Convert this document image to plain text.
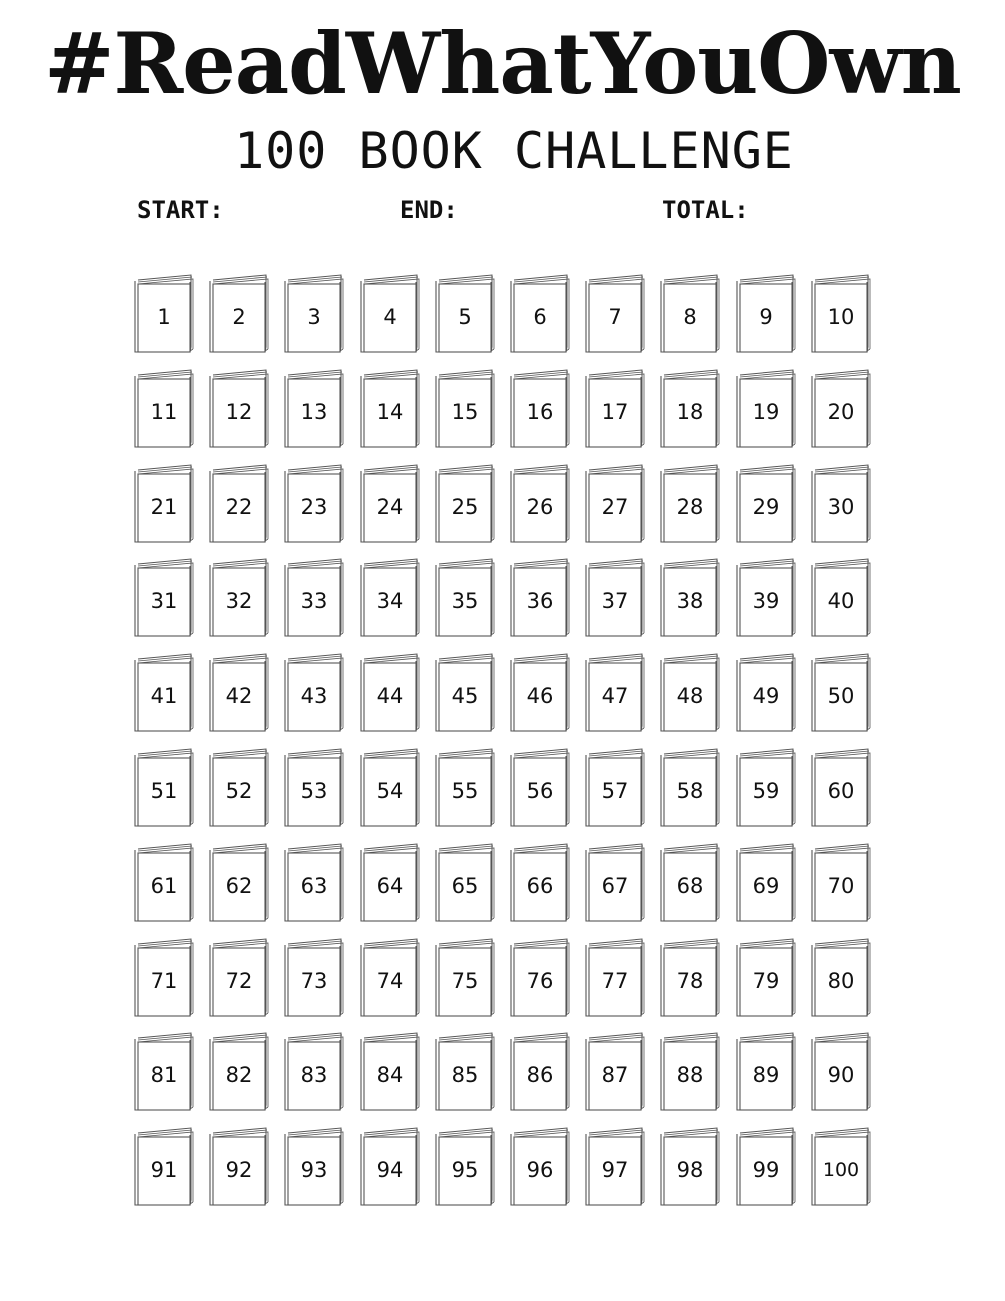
#ReadWhatYouOwn
100 BOOK CHALLENGE
START:	END:	TOTAL:
1	2	3	4	5	6	7	8	9	10
11	12	13	14	15	16	17	18	19	20
21	22	23	24	25	26	27	28	29	30
31	32	33	34	35	36	37	38	39	40
41	42	43	44	45	46	47	48	49	50
51	52	53	54	55	56	57	58	59	60
61	62	63	64	65	66	67	68	69	70
71	72	73	74	75	76	77	78	79	80
81	82	83	84	85	86	87	88	89	90
91	92	93	94	95	96	97	98	99	100
